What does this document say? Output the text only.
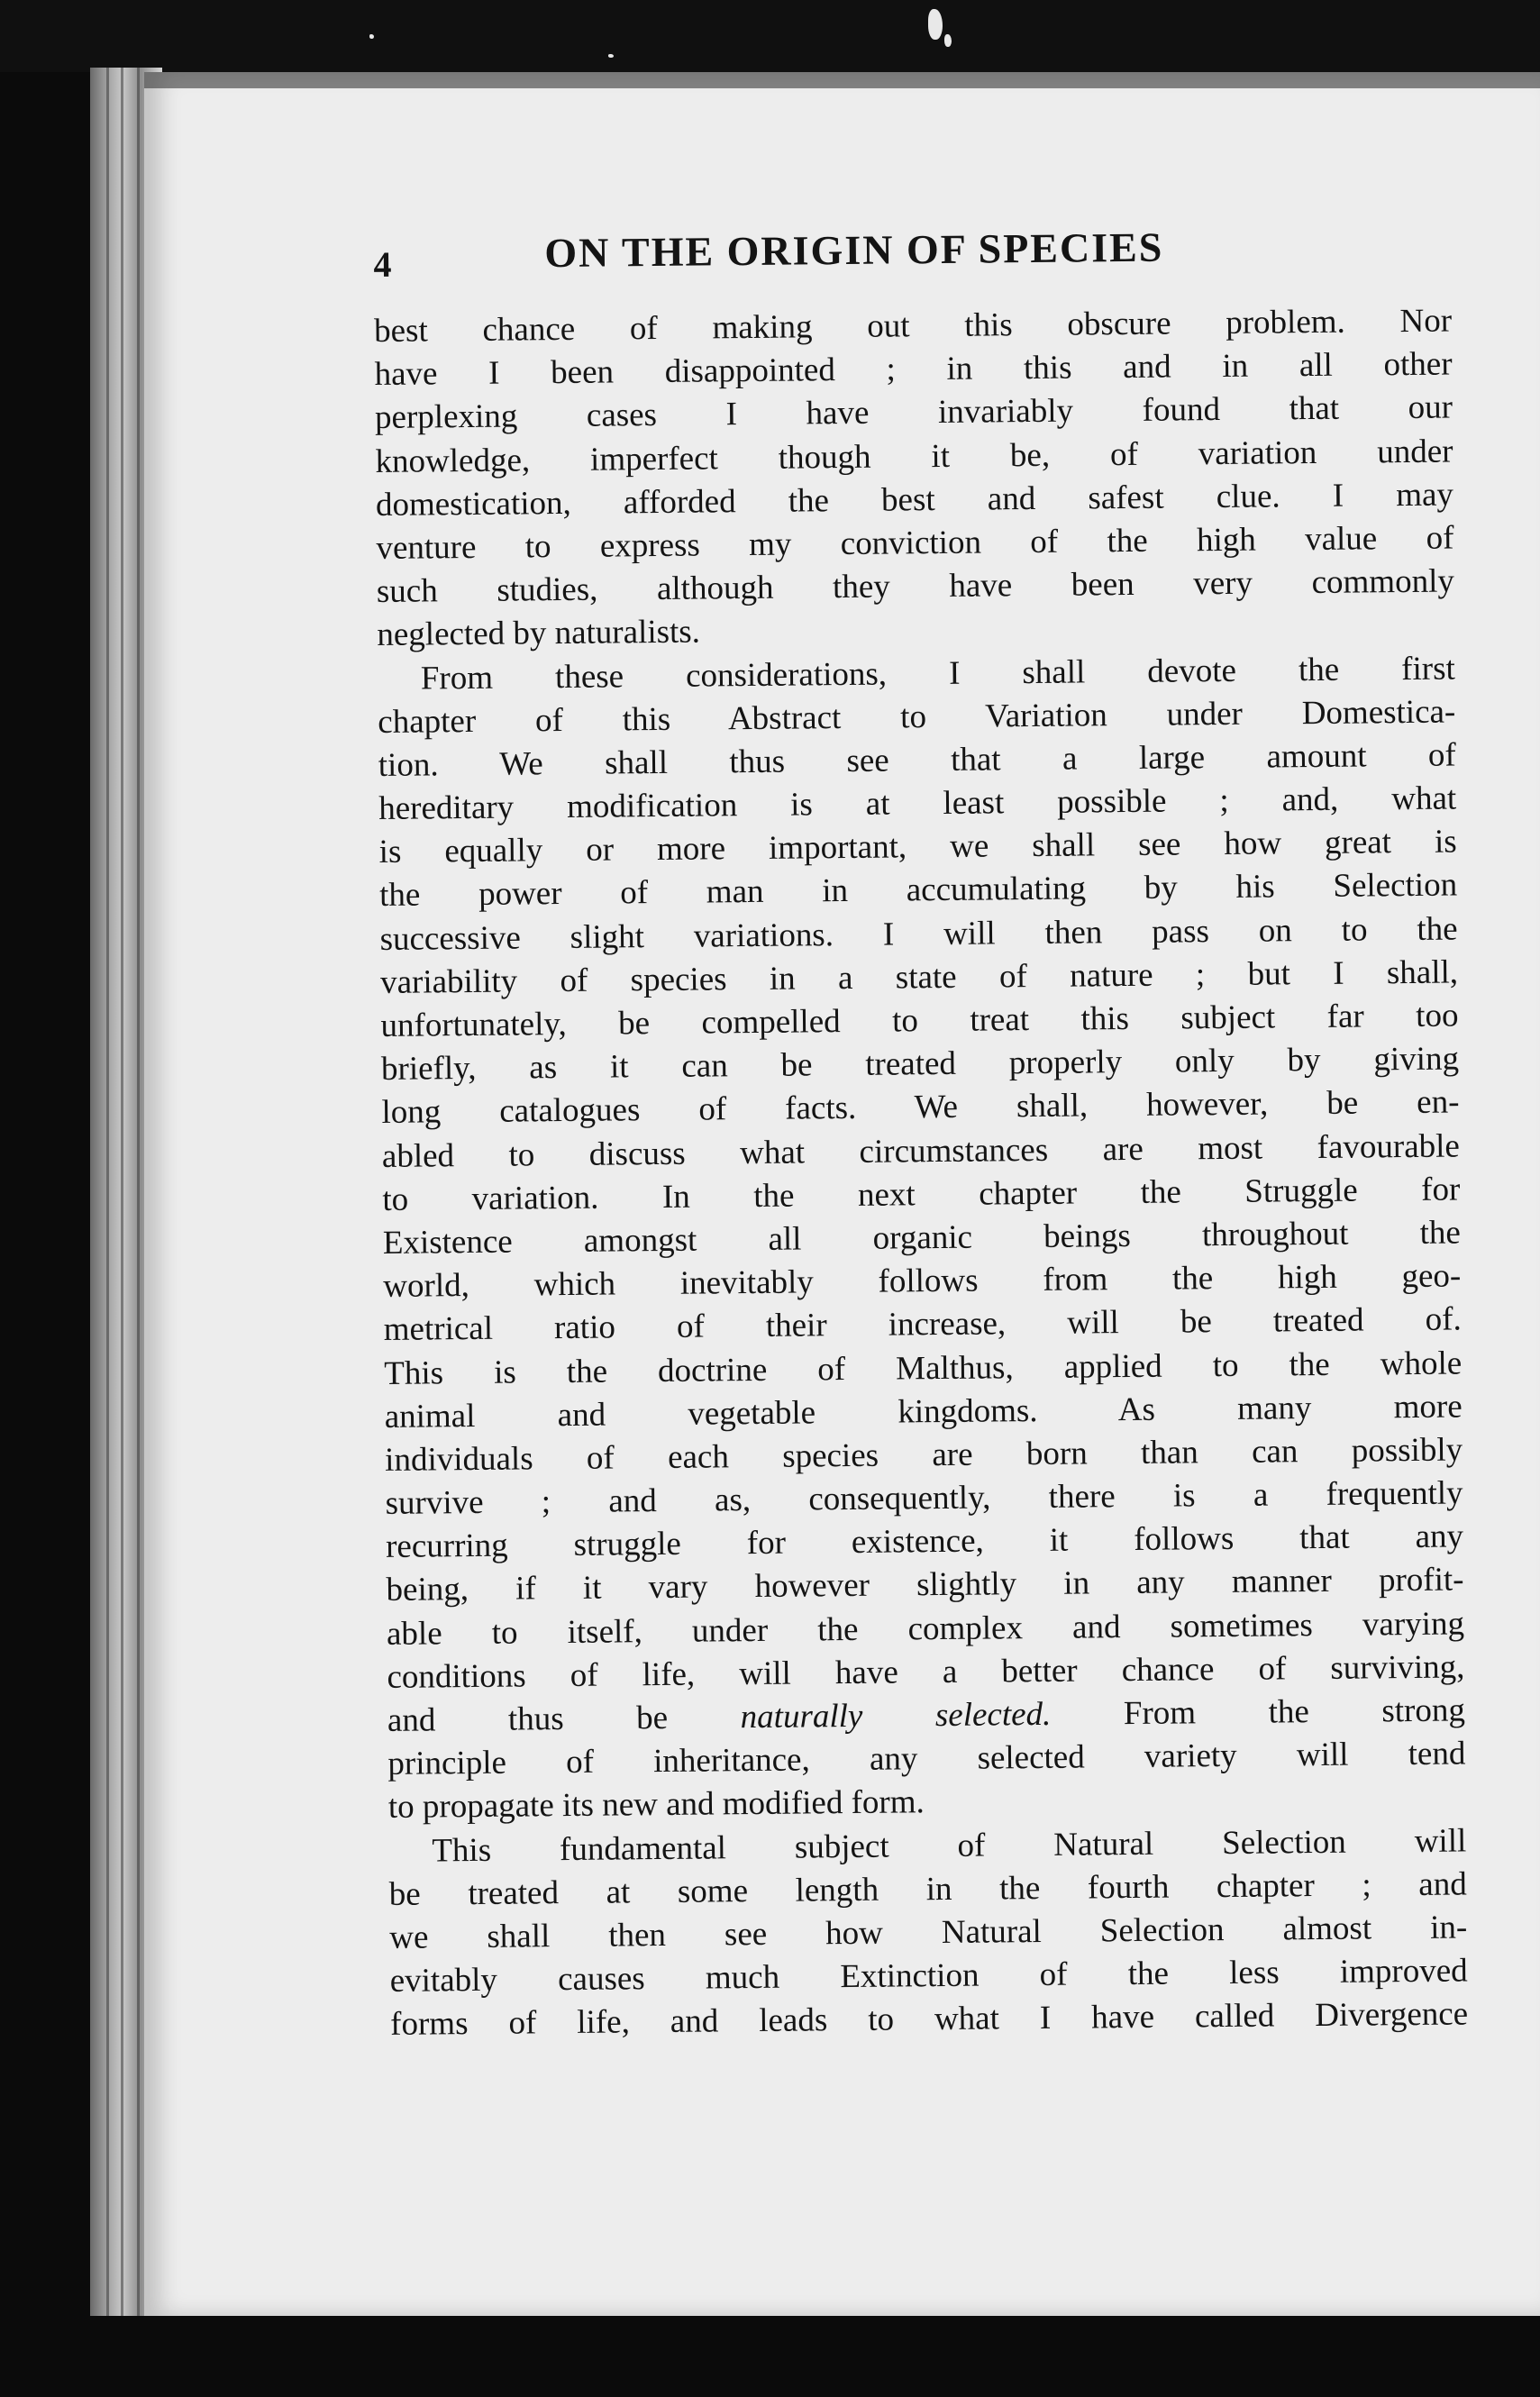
4	ON THE ORIGIN OF SPECIES
best chance of making out this obscure problem. Nor
have I been disappointed ; in this and in all other
perplexing cases I have invariably found that our
knowledge, imperfect though it be, of variation under
domestication, afforded the best and safest clue. I may
venture to express my conviction of the high value of
such studies, although they have been very commonly
neglected by naturalists.
From these considerations, I shall devote the first
chapter of this Abstract to Variation under Domestica-
tion. We shall thus see that a large amount of
hereditary modification is at least possible ; and, what
is equally or more important, we shall see how great is
the power of man in accumulating by his Selection
successive slight variations. I will then pass on to the
variability of species in a state of nature ; but I shall,
unfortunately, be compelled to treat this subject far too
briefly, as it can be treated properly only by giving
long catalogues of facts. We shall, however, be en-
abled to discuss what circumstances are most favourable
to variation. In the next chapter the Struggle for
Existence amongst all organic beings throughout the
world, which inevitably follows from the high geo-
metrical ratio of their increase, will be treated of.
This is the doctrine of Malthus, applied to the whole
animal and vegetable kingdoms. As many more
individuals of each species are born than can possibly
survive ; and as, consequently, there is a frequently
recurring struggle for existence, it follows that any
being, if it vary however slightly in any manner profit-
able to itself, under the complex and sometimes varying
conditions of life, will have a better chance of surviving,
and thus be naturally selected. From the strong
principle of inheritance, any selected variety will tend
to propagate its new and modified form.
This fundamental subject of Natural Selection will
be treated at some length in the fourth chapter ; and
we shall then see how Natural Selection almost in-
evitably causes much Extinction of the less improved
forms of life, and leads to what I have called Divergence
